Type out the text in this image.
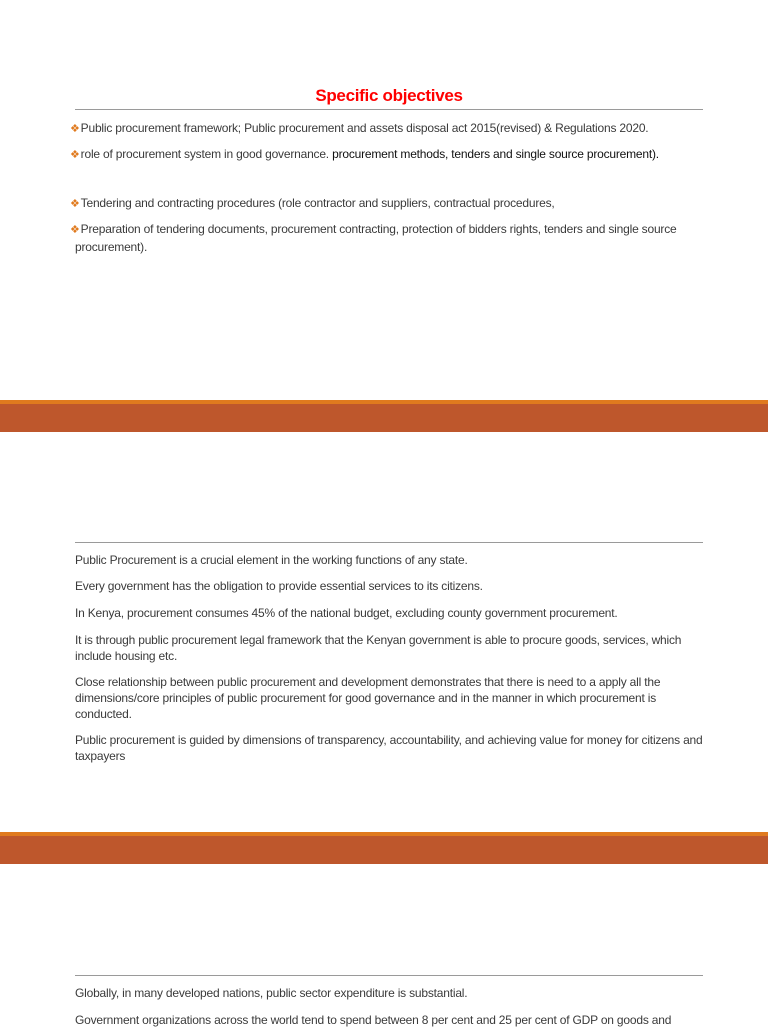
Specific objectives
❖Public procurement framework; Public procurement and assets disposal act 2015(revised) & Regulations 2020.
❖role of procurement system in good governance. procurement methods, tenders and single source procurement).
❖Tendering and contracting procedures (role contractor and suppliers, contractual procedures,
❖Preparation of tendering documents, procurement contracting, protection of bidders rights, tenders and single source
procurement).
Public Procurement is a crucial element in the working functions of any state.
Every government has the obligation to provide essential services to its citizens.
In Kenya, procurement consumes 45% of the national budget, excluding county government procurement.
It is through public procurement legal framework that the Kenyan government is able to procure goods, services, which include housing etc.
Close relationship between public procurement and development demonstrates that there is need to a apply all the dimensions/core principles of public procurement for good governance and in the manner in which procurement is conducted.
Public procurement is guided by dimensions of transparency, accountability, and achieving value for money for citizens and taxpayers
Globally, in many developed nations, public sector expenditure is substantial.
Government organizations across the world tend to spend between 8 per cent and 25 per cent of GDP on goods and
